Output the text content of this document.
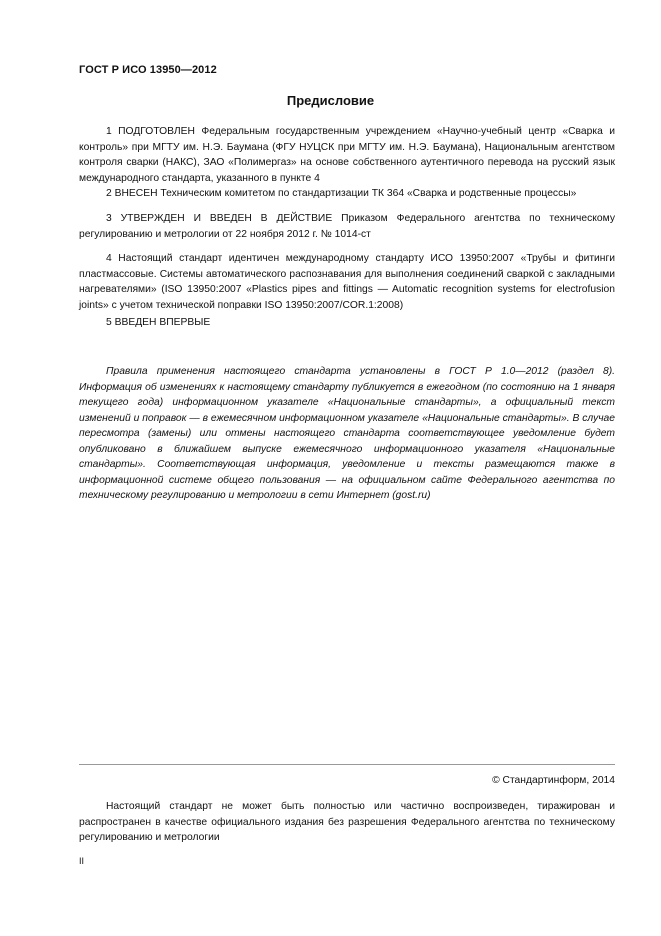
ГОСТ Р ИСО 13950—2012
Предисловие

1 ПОДГОТОВЛЕН Федеральным государственным учреждением «Научно-учебный центр «Сварка и контроль» при МГТУ им. Н.Э. Баумана (ФГУ НУЦСК при МГТУ им. Н.Э. Баумана), Национальным агентством контроля сварки (НАКС), ЗАО «Полимергаз» на основе собственного аутентичного перевода на русский язык международного стандарта, указанного в пункте 4

2 ВНЕСЕН Техническим комитетом по стандартизации ТК 364 «Сварка и родственные процессы»

3 УТВЕРЖДЕН И ВВЕДЕН В ДЕЙСТВИЕ Приказом Федерального агентства по техническому регулированию и метрологии от 22 ноября 2012 г. № 1014-ст

4 Настоящий стандарт идентичен международному стандарту ИСО 13950:2007 «Трубы и фитинги пластмассовые. Системы автоматического распознавания для выполнения соединений сваркой с закладными нагревателями» (ISO 13950:2007 «Plastics pipes and fittings — Automatic recognition systems for electrofusion joints» с учетом технической поправки ISO 13950:2007/COR.1:2008)

5 ВВЕДЕН ВПЕРВЫЕ

Правила применения настоящего стандарта установлены в ГОСТ Р 1.0—2012 (раздел 8). Информация об изменениях к настоящему стандарту публикуется в ежегодном (по состоянию на 1 января текущего года) информационном указателе «Национальные стандарты», а официальный текст изменений и поправок — в ежемесячном информационном указателе «Национальные стандарты». В случае пересмотра (замены) или отмены настоящего стандарта соответствующее уведомление будет опубликовано в ближайшем выпуске ежемесячного информационного указателя «Национальные стандарты». Соответствующая информация, уведомление и тексты размещаются также в информационной системе общего пользования — на официальном сайте Федерального агентства по техническому регулированию и метрологии в сети Интернет (gost.ru)

© Стандартинформ, 2014

Настоящий стандарт не может быть полностью или частично воспроизведен, тиражирован и распространен в качестве официального издания без разрешения Федерального агентства по техническому регулированию и метрологии

II
